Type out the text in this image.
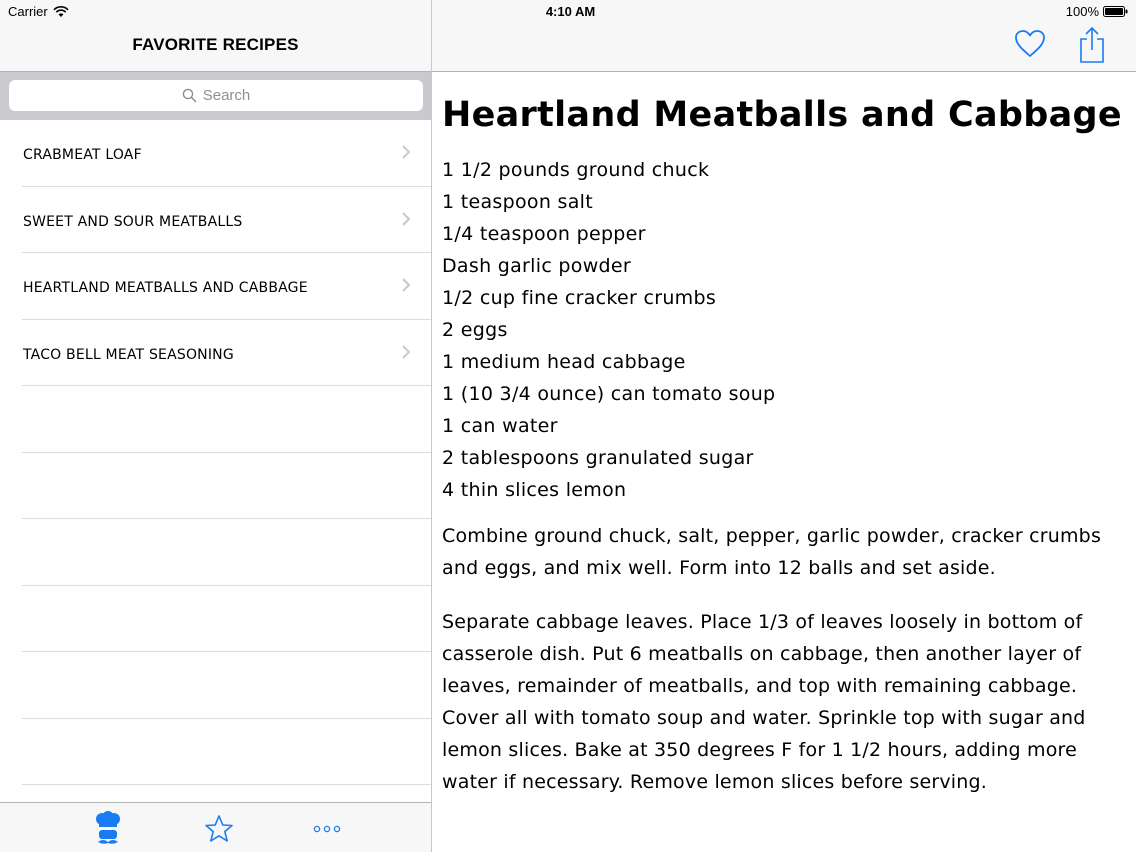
Carrier
FAVORITE RECIPES
Search
CRABMEAT LOAF
SWEET AND SOUR MEATBALLS
HEARTLAND MEATBALLS AND CABBAGE
TACO BELL MEAT SEASONING
4:10 AM	100%
Heartland Meatballs and Cabbage
1 1/2 pounds ground chuck
1 teaspoon salt
1/4 teaspoon pepper
Dash garlic powder
1/2 cup fine cracker crumbs
2 eggs
1 medium head cabbage
1 (10 3/4 ounce) can tomato soup
1 can water
2 tablespoons granulated sugar
4 thin slices lemon

Combine ground chuck, salt, pepper, garlic powder, cracker crumbs and eggs, and mix well. Form into 12 balls and set aside.

Separate cabbage leaves. Place 1/3 of leaves loosely in bottom of casserole dish. Put 6 meatballs on cabbage, then another layer of leaves, remainder of meatballs, and top with remaining cabbage. Cover all with tomato soup and water. Sprinkle top with sugar and lemon slices. Bake at 350 degrees F for 1 1/2 hours, adding more water if necessary. Remove lemon slices before serving.
